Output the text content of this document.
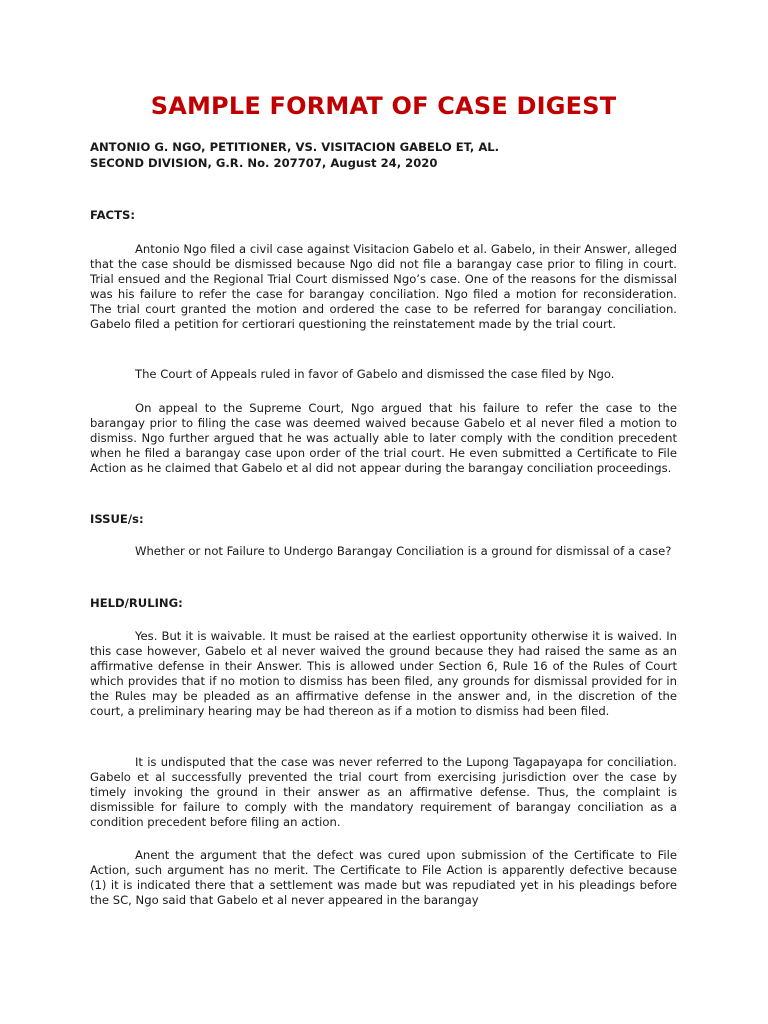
SAMPLE FORMAT OF CASE DIGEST
ANTONIO G. NGO, PETITIONER, VS. VISITACION GABELO ET, AL.
SECOND DIVISION, G.R. No. 207707, August 24, 2020
FACTS:

Antonio Ngo filed a civil case against Visitacion Gabelo et al. Gabelo, in their Answer, alleged that the case should be dismissed because Ngo did not file a barangay case prior to filing in court. Trial ensued and the Regional Trial Court dismissed Ngo’s case. One of the reasons for the dismissal was his failure to refer the case for barangay conciliation. Ngo filed a motion for reconsideration. The trial court granted the motion and ordered the case to be referred for barangay conciliation. Gabelo filed a petition for certiorari questioning the reinstatement made by the trial court.

The Court of Appeals ruled in favor of Gabelo and dismissed the case filed by Ngo.

On appeal to the Supreme Court, Ngo argued that his failure to refer the case to the barangay prior to filing the case was deemed waived because Gabelo et al never filed a motion to dismiss. Ngo further argued that he was actually able to later comply with the condition precedent when he filed a barangay case upon order of the trial court. He even submitted a Certificate to File Action as he claimed that Gabelo et al did not appear during the barangay conciliation proceedings.

ISSUE/s:

Whether or not Failure to Undergo Barangay Conciliation is a ground for dismissal of a case?

HELD/RULING:

Yes. But it is waivable. It must be raised at the earliest opportunity otherwise it is waived. In this case however, Gabelo et al never waived the ground because they had raised the same as an affirmative defense in their Answer. This is allowed under Section 6, Rule 16 of the Rules of Court which provides that if no motion to dismiss has been filed, any grounds for dismissal provided for in the Rules may be pleaded as an affirmative defense in the answer and, in the discretion of the court, a preliminary hearing may be had thereon as if a motion to dismiss had been filed.

It is undisputed that the case was never referred to the Lupong Tagapayapa for conciliation. Gabelo et al successfully prevented the trial court from exercising jurisdiction over the case by timely invoking the ground in their answer as an affirmative defense. Thus, the complaint is dismissible for failure to comply with the mandatory requirement of barangay conciliation as a condition precedent before filing an action.

Anent the argument that the defect was cured upon submission of the Certificate to File Action, such argument has no merit. The Certificate to File Action is apparently defective because (1) it is indicated there that a settlement was made but was repudiated yet in his pleadings before the SC, Ngo said that Gabelo et al never appeared in the barangay
